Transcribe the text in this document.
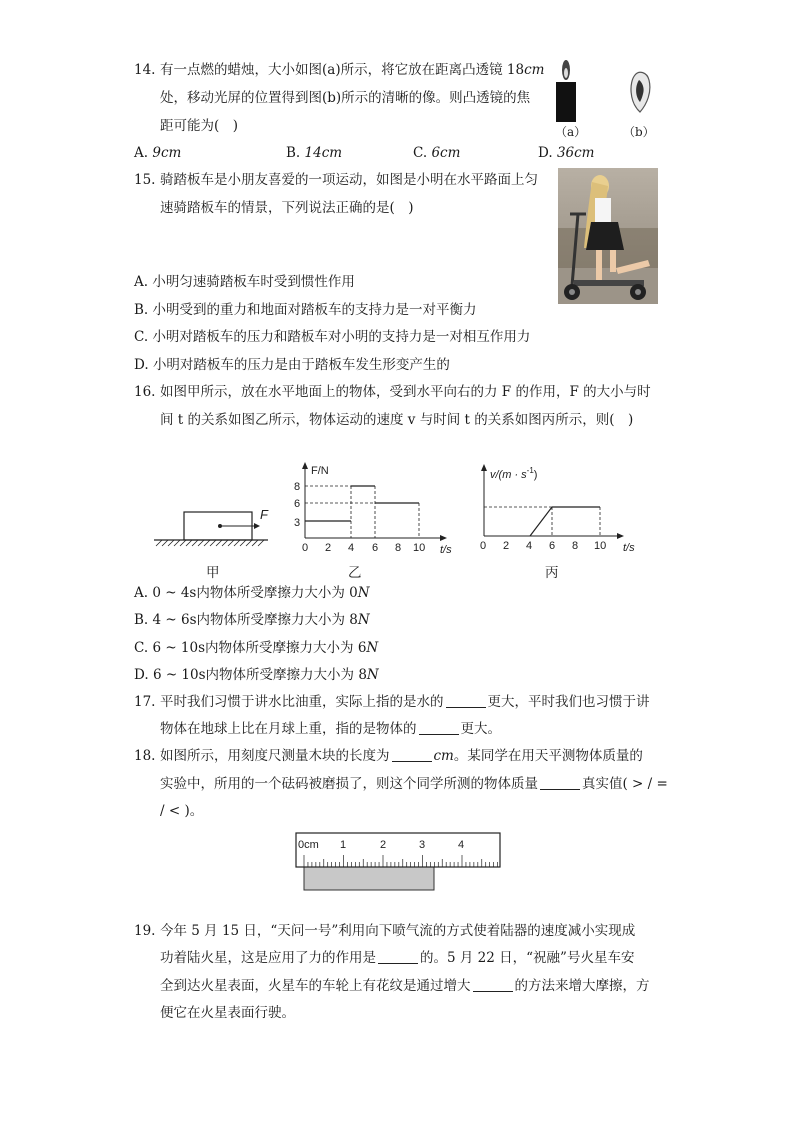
14. 有一点燃的蜡烛，大小如图(a)所示，将它放在距离凸透镜 18cm
处，移动光屏的位置得到图(b)所示的清晰的像。则凸透镜的焦
距可能为(　)	（a）	（b）
A. 9cm	B. 14cm	C. 6cm	D. 36cm
15. 骑踏板车是小朋友喜爱的一项运动，如图是小明在水平路面上匀
速骑踏板车的情景，下列说法正确的是(　)
A. 小明匀速骑踏板车时受到惯性作用
B. 小明受到的重力和地面对踏板车的支持力是一对平衡力
C. 小明对踏板车的压力和踏板车对小明的支持力是一对相互作用力
D. 小明对踏板车的压力是由于踏板车发生形变产生的
16. 如图甲所示，放在水平地面上的物体，受到水平向右的力 F 的作用，F 的大小与时
间 t 的关系如图乙所示，物体运动的速度 v 与时间 t 的关系如图丙所示，则(　)
F
甲
F/N
8
6
3
0 2 4 6 8 10 t/s
乙
$v/(m \cdot s^{-1})$
0 2 4 6 8 10 t/s
丙
A. 0 ~ 4s内物体所受摩擦力大小为 0N
B. 4 ~ 6s内物体所受摩擦力大小为 8N
C. 6 ~ 10s内物体所受摩擦力大小为 6N
D. 6 ~ 10s内物体所受摩擦力大小为 8N
17. 平时我们习惯于讲水比油重，实际上指的是水的	更大，平时我们也习惯于讲
物体在地球上比在月球上重，指的是物体的	更大。
18. 如图所示，用刻度尺测量木块的长度为	cm。某同学在用天平测物体质量的
实验中，所用的一个砝码被磨损了，则这个同学所测的物体质量	真实值( > / =
/ < )。
0cm 1	2	3	4
19. 今年 5 月 15 日，“天问一号”利用向下喷气流的方式使着陆器的速度减小实现成
功着陆火星，这是应用了力的作用是	的。5 月 22 日，“祝融”号火星车安
全到达火星表面，火星车的车轮上有花纹是通过增大	的方法来增大摩擦，方
便它在火星表面行驶。
